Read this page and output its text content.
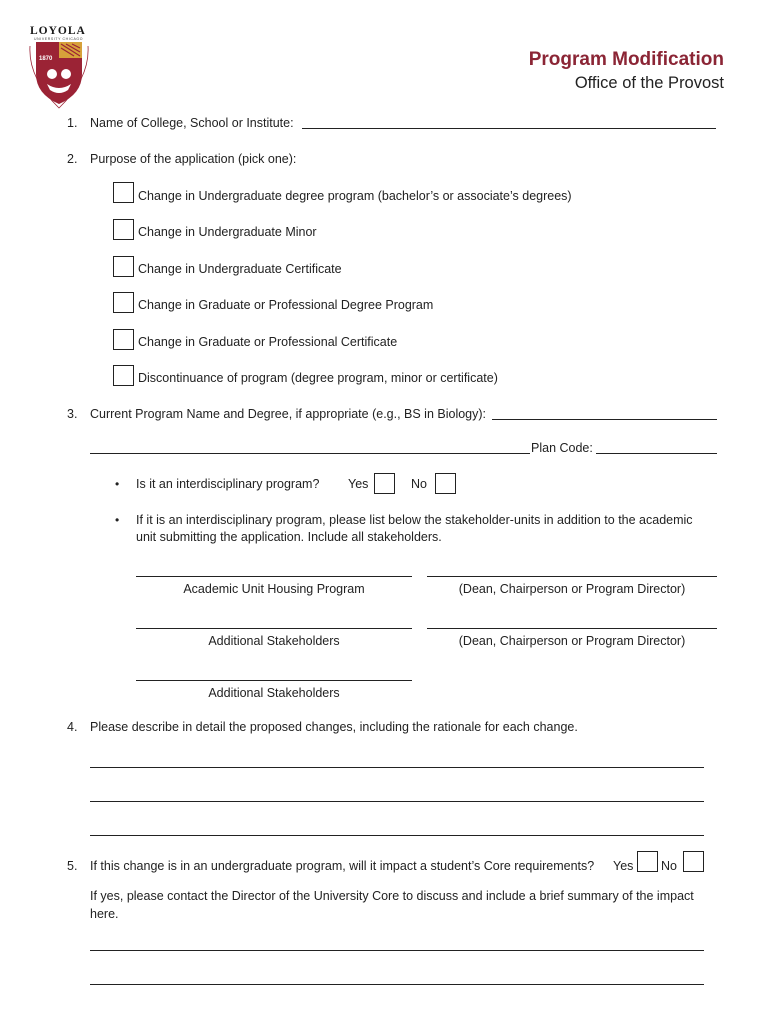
LOYOLA
UNIVERSITY CHICAGO
1870	Program Modification
Office of the Provost
1. Name of College, School or Institute:
2. Purpose of the application (pick one):
Change in Undergraduate degree program (bachelor’s or associate’s degrees)
Change in Undergraduate Minor
Change in Undergraduate Certificate
Change in Graduate or Professional Degree Program
Change in Graduate or Professional Certificate
Discontinuance of program (degree program, minor or certificate)
3. Current Program Name and Degree, if appropriate (e.g., BS in Biology):
Plan Code:
• Is it an interdisciplinary program? Yes	No
• If it is an interdisciplinary program, please list below the stakeholder-units in addition to the academic
unit submitting the application. Include all stakeholders.
Academic Unit Housing Program	(Dean, Chairperson or Program Director)
Additional Stakeholders	(Dean, Chairperson or Program Director)
Additional Stakeholders
4. Please describe in detail the proposed changes, including the rationale for each change.
5. If this change is in an undergraduate program, will it impact a student’s Core requirements? Yes No
If yes, please contact the Director of the University Core to discuss and include a brief summary of the impact
here.
